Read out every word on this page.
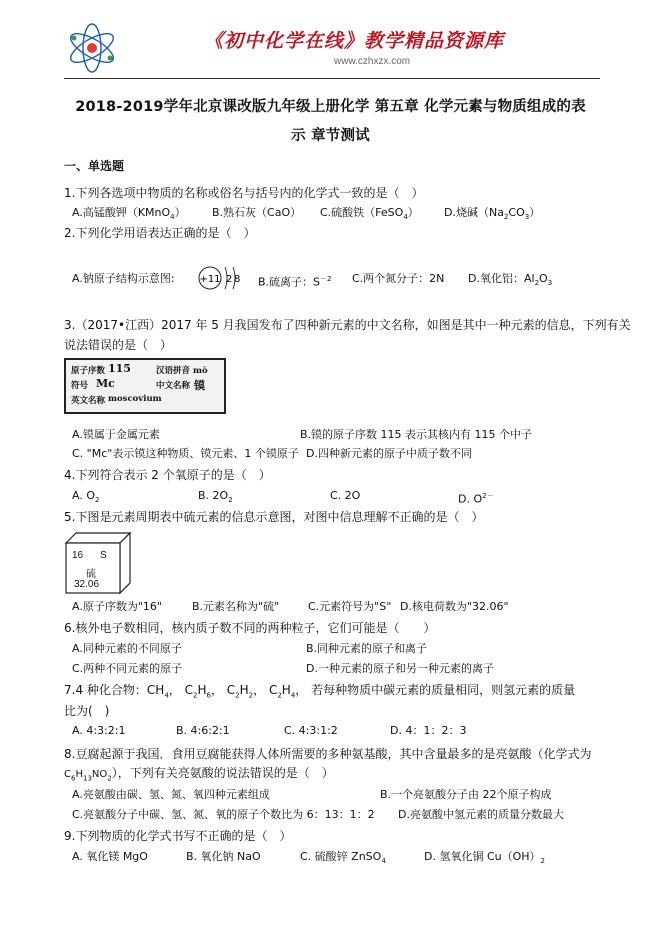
《初中化学在线》教学精品资源库
www.czhxzx.com
2018-2019学年北京课改版九年级上册化学 第五章 化学元素与物质组成的表
示 章节测试
一、单选题
1.下列各选项中物质的名称或俗名与括号内的化学式一致的是（　）
A.高锰酸钾（KMnO$_4$） B.熟石灰（CaO） C.硫酸铁（FeSO$_4$） D.烧碱$(Na_2CO_3)$
2.下列化学用语表达正确的是（　）
A.钠原子结构示意图: +11 2 8 B.硫离子：$S^{-2}$ C.两个氮分子：2N D.氧化铝：$Al_2O_3$
3.（2017•江西）2017 年 5 月我国发布了四种新元素的中文名称，如图是其中一种元素的信息，下列有关
说法错误的是（　）
原子序数 115	汉语拼音 mò
符号 Mc	中文名称 镆
英文名称 moscovium
A.镆属于金属元素	B.镆的原子序数 115 表示其核内有 115 个中子
C. "Mc"表示镆这种物质、镆元素、1 个镆原子 D.四种新元素的原子中质子数不同
4.下列符合表示 2 个氧原子的是（　）
A. $O_2$	B. $2O_2$	C. 2O	D. $O^{2-}$
5.下图是元素周期表中硫元素的信息示意图，对图中信息理解不正确的是（　）
16 S
硫
32.06
A.原子序数为"16"	B.元素名称为"硫"	C.元素符号为"S" D.核电荷数为"32.06"
6.核外电子数相同，核内质子数不同的两种粒子，它们可能是（　　）
A.同种元素的不同原子	B.同种元素的原子和离子
C.两种不同元素的原子	D.一种元素的原子和另一种元素的离子
7.4 种化合物：$CH_4$， $C_2H_6$， $C_2H_2$， $C_2H_4$， 若每种物质中碳元素的质量相同，则氢元素的质量
比为(　)
A. 4:3:2:1	B. 4:6:2:1	C. 4:3:1:2	D. 4：1：2：3
8.豆腐起源于我国．食用豆腐能获得人体所需要的多种氨基酸，其中含量最多的是亮氨酸（化学式为
$C_6H_{13}NO_2$），下列有关亮氨酸的说法错误的是（　）
A.亮氨酸由碳、氢、氮、氧四种元素组成	B.一个亮氨酸分子由 22个原子构成
C.亮氨酸分子中碳、氢、氮、氧的原子个数比为 6：13：1：2 D.亮氨酸中氢元素的质量分数最大
9.下列物质的化学式书写不正确的是（　）
A. 氧化镁 MgO	B. 氧化钠 NaO	C. 硫酸锌 ZnSO$_4$	D. 氢氧化铜 $Cu(OH)_2$
